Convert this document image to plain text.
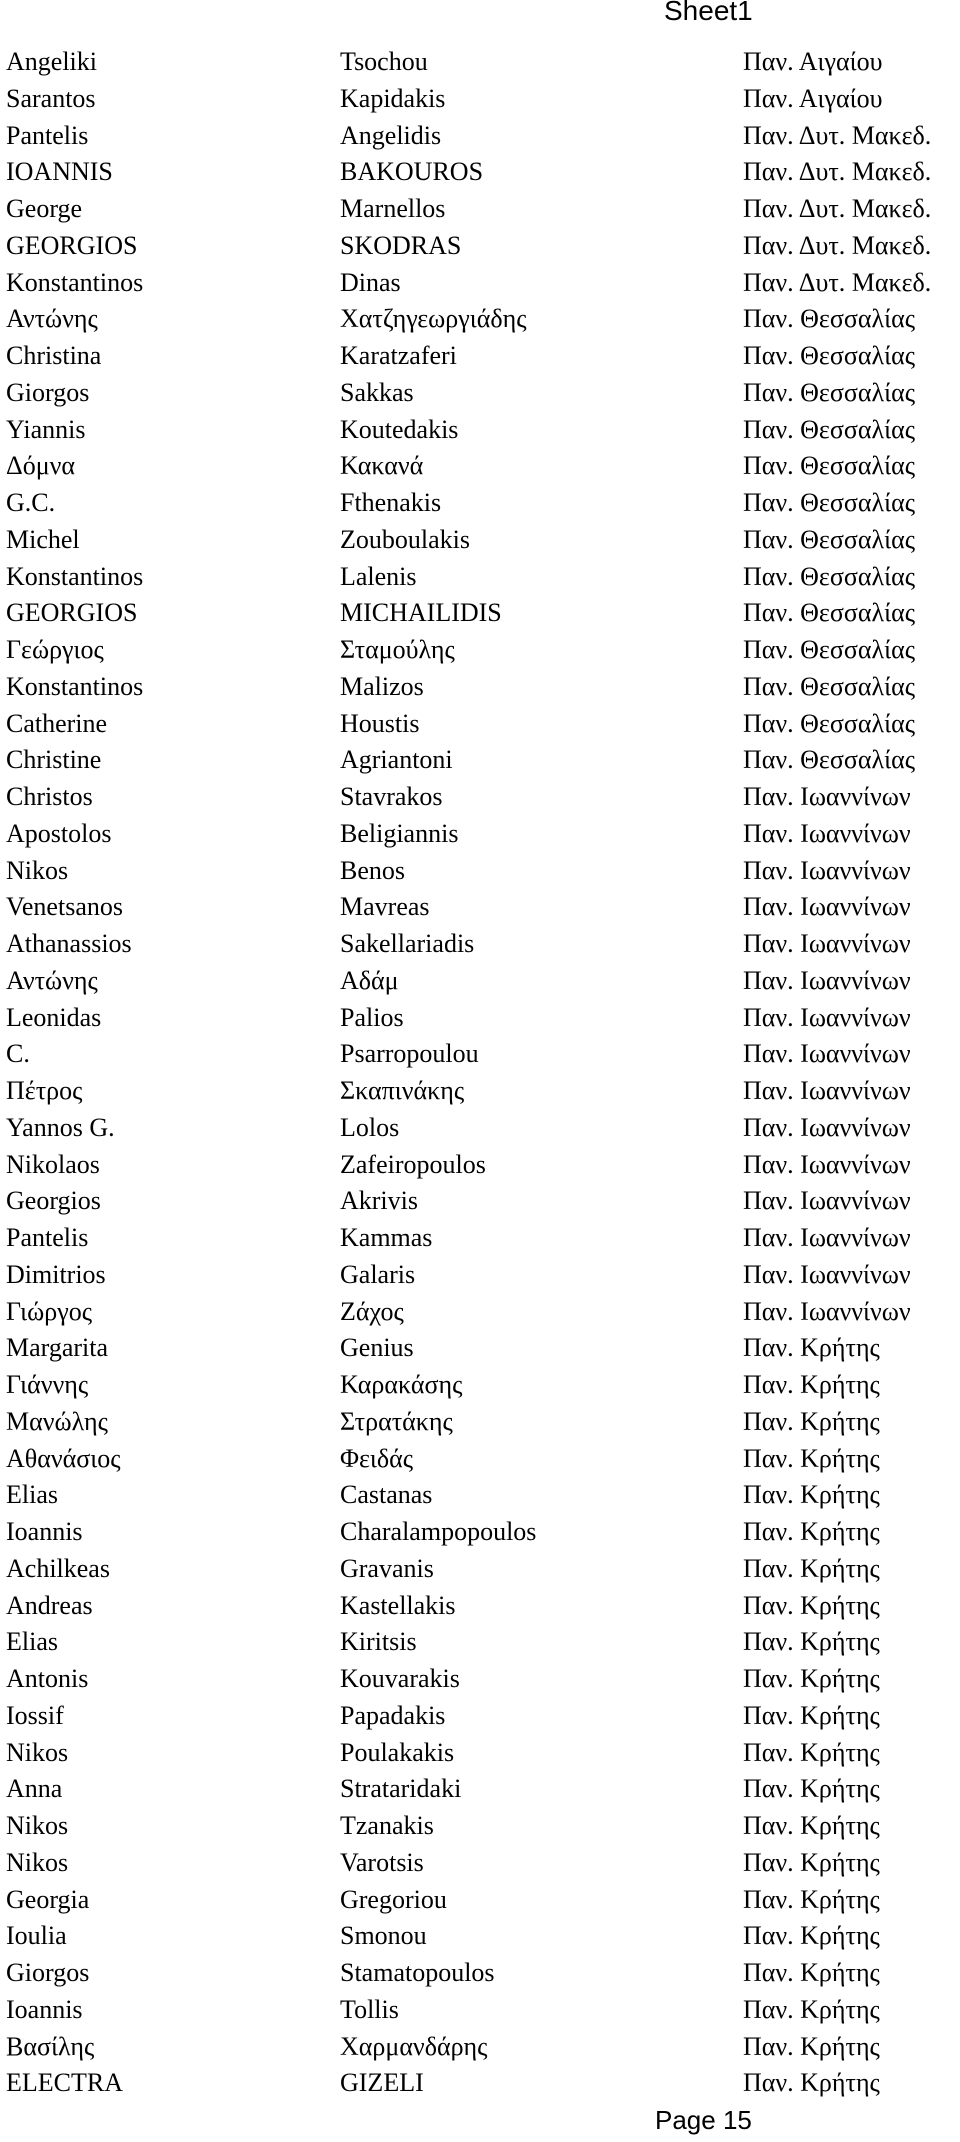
Sheet1
Angeliki	Tsochou	Παν. Αιγαίου
Sarantos	Kapidakis	Παν. Αιγαίου
Pantelis	Angelidis	Παν. Δυτ. Μακεδ.
IOANNIS	BAKOUROS	Παν. Δυτ. Μακεδ.
George	Marnellos	Παν. Δυτ. Μακεδ.
GEORGIOS	SKODRAS	Παν. Δυτ. Μακεδ.
Konstantinos	Dinas	Παν. Δυτ. Μακεδ.
Αντώνης	Χατζηγεωργιάδης	Παν. Θεσσαλίας
Christina	Karatzaferi	Παν. Θεσσαλίας
Giorgos	Sakkas	Παν. Θεσσαλίας
Yiannis	Koutedakis	Παν. Θεσσαλίας
Δόμνα	Κακανά	Παν. Θεσσαλίας
G.C.	Fthenakis	Παν. Θεσσαλίας
Michel	Zouboulakis	Παν. Θεσσαλίας
Konstantinos	Lalenis	Παν. Θεσσαλίας
GEORGIOS	MICHAILIDIS	Παν. Θεσσαλίας
Γεώργιος	Σταμούλης	Παν. Θεσσαλίας
Konstantinos	Malizos	Παν. Θεσσαλίας
Catherine	Houstis	Παν. Θεσσαλίας
Christine	Agriantoni	Παν. Θεσσαλίας
Christos	Stavrakos	Παν. Ιωαννίνων
Apostolos	Beligiannis	Παν. Ιωαννίνων
Nikos	Benos	Παν. Ιωαννίνων
Venetsanos	Mavreas	Παν. Ιωαννίνων
Athanassios	Sakellariadis	Παν. Ιωαννίνων
Αντώνης	Αδάμ	Παν. Ιωαννίνων
Leonidas	Palios	Παν. Ιωαννίνων
C.	Psarropoulou	Παν. Ιωαννίνων
Πέτρος	Σκαπινάκης	Παν. Ιωαννίνων
Yannos G.	Lolos	Παν. Ιωαννίνων
Nikolaos	Zafeiropoulos	Παν. Ιωαννίνων
Georgios	Akrivis	Παν. Ιωαννίνων
Pantelis	Kammas	Παν. Ιωαννίνων
Dimitrios	Galaris	Παν. Ιωαννίνων
Γιώργος	Ζάχος	Παν. Ιωαννίνων
Margarita	Genius	Παν. Κρήτης
Γιάννης	Καρακάσης	Παν. Κρήτης
Μανώλης	Στρατάκης	Παν. Κρήτης
Αθανάσιος	Φειδάς	Παν. Κρήτης
Elias	Castanas	Παν. Κρήτης
Ioannis	Charalampopoulos	Παν. Κρήτης
Achilkeas	Gravanis	Παν. Κρήτης
Andreas	Kastellakis	Παν. Κρήτης
Elias	Kiritsis	Παν. Κρήτης
Antonis	Kouvarakis	Παν. Κρήτης
Iossif	Papadakis	Παν. Κρήτης
Nikos	Poulakakis	Παν. Κρήτης
Anna	Strataridaki	Παν. Κρήτης
Nikos	Tzanakis	Παν. Κρήτης
Nikos	Varotsis	Παν. Κρήτης
Georgia	Gregoriou	Παν. Κρήτης
Ioulia	Smonou	Παν. Κρήτης
Giorgos	Stamatopoulos	Παν. Κρήτης
Ioannis	Tollis	Παν. Κρήτης
Βασίλης	Χαρμανδάρης	Παν. Κρήτης
ELECTRA	GIZELI	Παν. Κρήτης
Page 15
